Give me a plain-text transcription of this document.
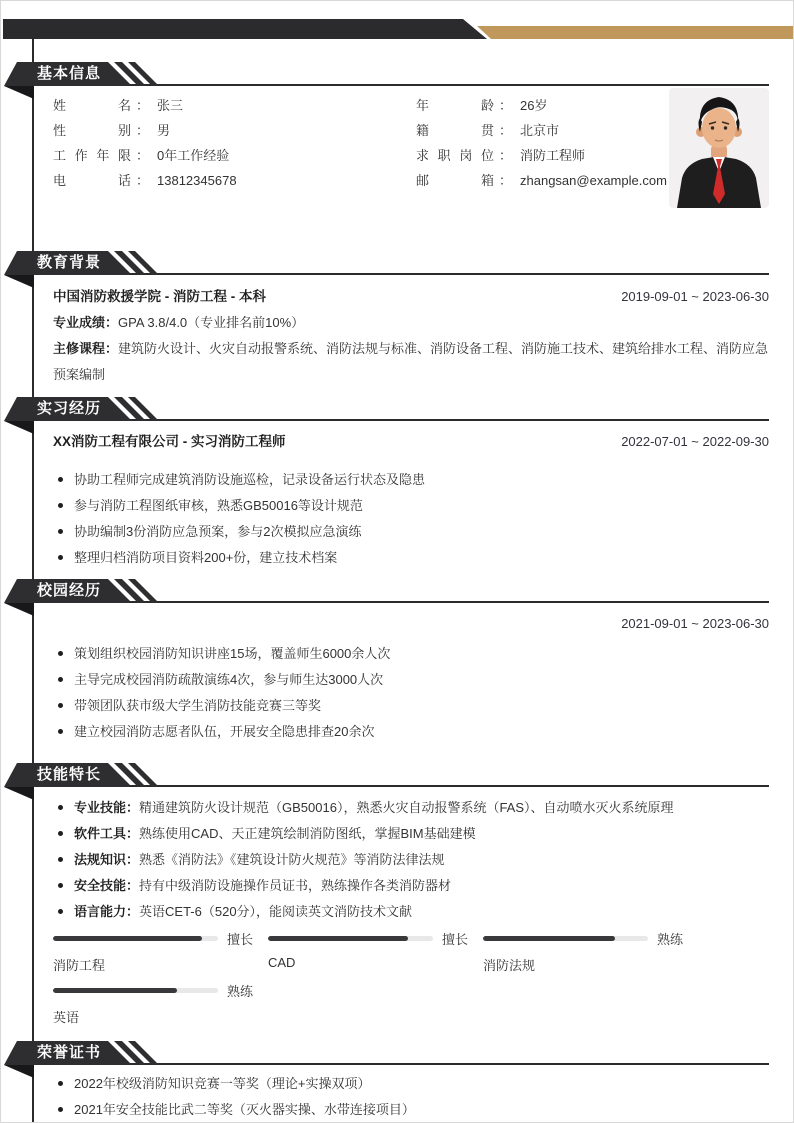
基本信息
姓名 ： 张三
性别 ： 男
工作年限 ： 0年工作经验
电话 ： 13812345678
年龄 ： 26岁
籍贯 ： 北京市
求职岗位 ： 消防工程师
邮箱 ： zhangsan@example.com
教育背景
中国消防救援学院 - 消防工程 - 本科	2019-09-01 ~ 2023-06-30
专业成绩：GPA 3.8/4.0（专业排名前10%）
主修课程：建筑防火设计、火灾自动报警系统、消防法规与标准、消防设备工程、消防施工技术、建筑给排水工程、消防应急预案编制
实习经历
XX消防工程有限公司 - 实习消防工程师	2022-07-01 ~ 2022-09-30
协助工程师完成建筑消防设施巡检，记录设备运行状态及隐患
参与消防工程图纸审核，熟悉GB50016等设计规范
协助编制3份消防应急预案，参与2次模拟应急演练
整理归档消防项目资料200+份，建立技术档案
校园经历
2021-09-01 ~ 2023-06-30
策划组织校园消防知识讲座15场，覆盖师生6000余人次
主导完成校园消防疏散演练4次，参与师生达3000人次
带领团队获市级大学生消防技能竞赛三等奖
建立校园消防志愿者队伍，开展安全隐患排查20余次
技能特长
专业技能：精通建筑防火设计规范（GB50016），熟悉火灾自动报警系统（FAS）、自动喷水灭火系统原理
软件工具：熟练使用CAD、天正建筑绘制消防图纸，掌握BIM基础建模
法规知识：熟悉《消防法》《建筑设计防火规范》等消防法律法规
安全技能：持有中级消防设施操作员证书，熟练操作各类消防器材
语言能力：英语CET-6（520分），能阅读英文消防技术文献
擅长
消防工程
擅长
CAD
熟练
消防法规
熟练
英语
荣誉证书
2022年校级消防知识竞赛一等奖（理论+实操双项）
2021年安全技能比武二等奖（灭火器实操、水带连接项目）
